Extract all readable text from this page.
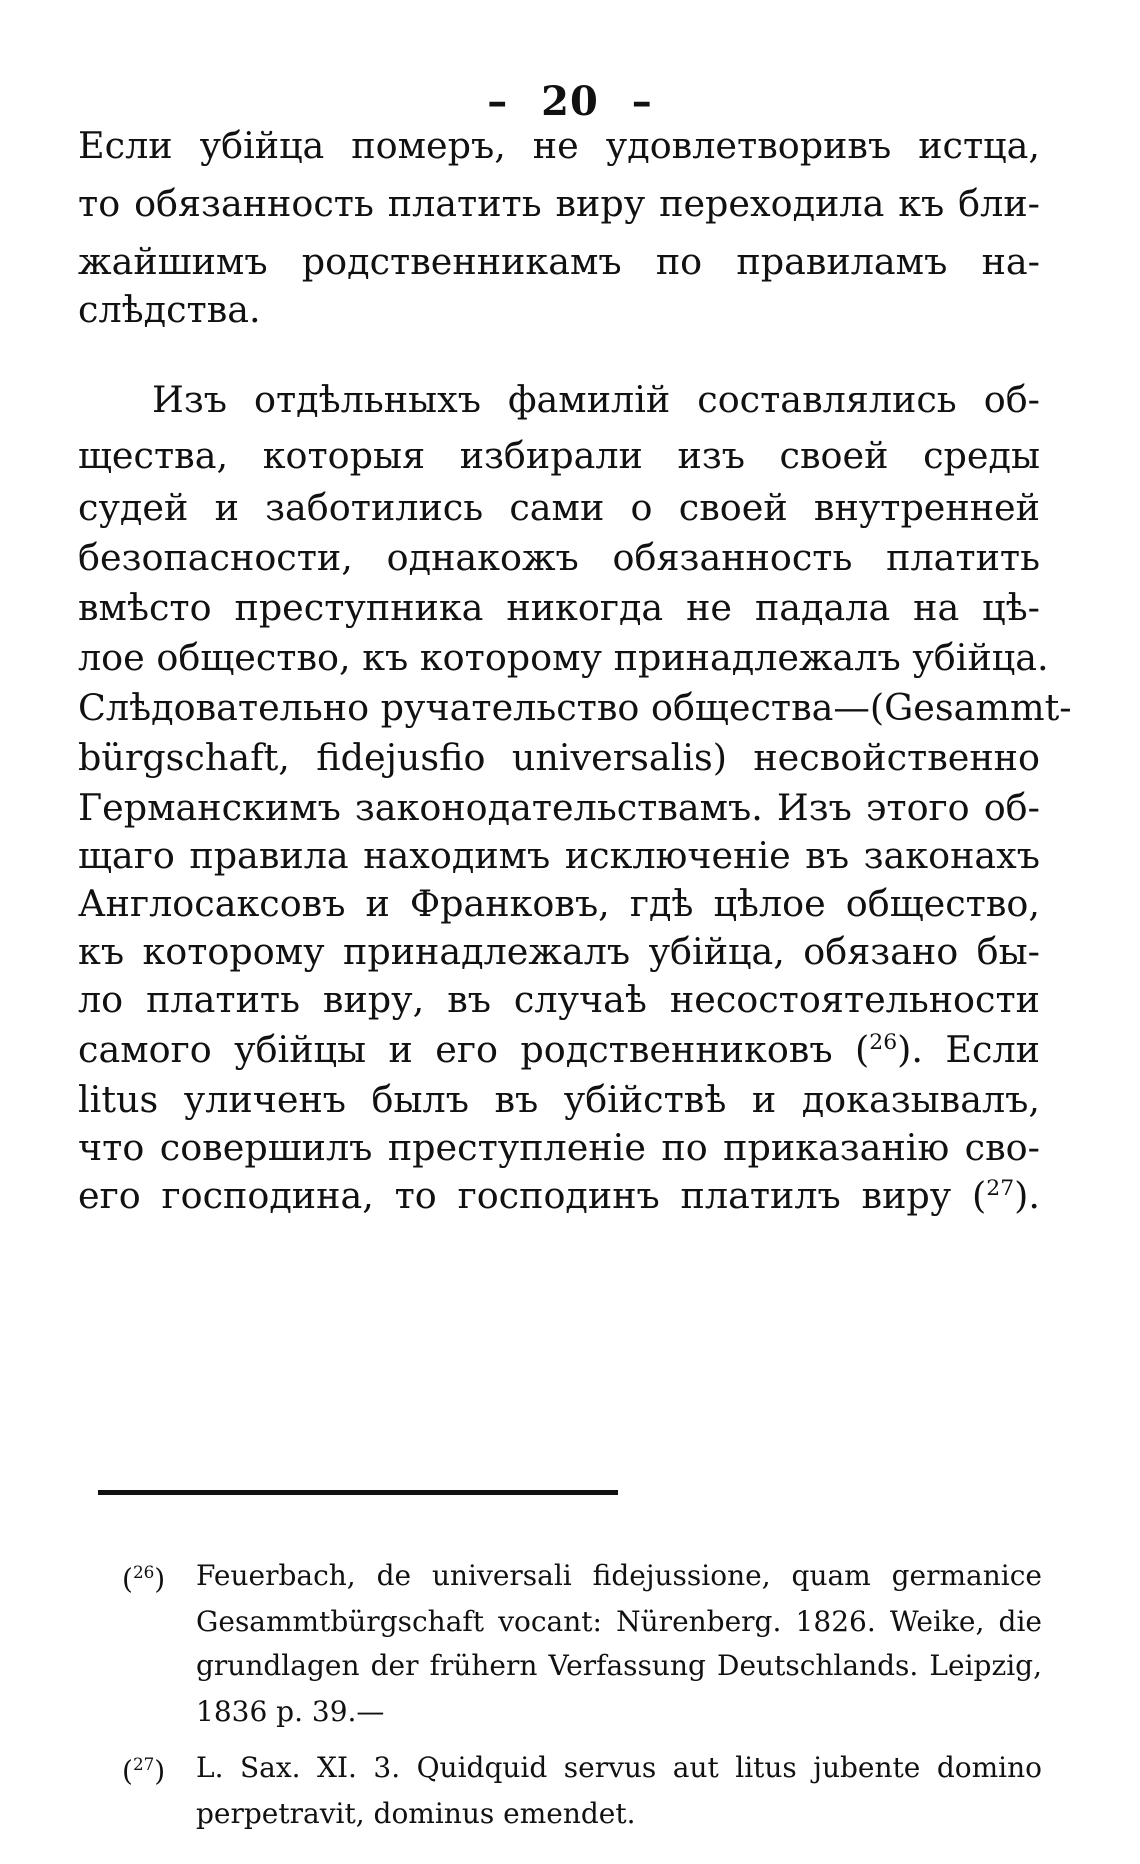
– 20 –
Если убійца померъ, не удовлетворивъ истца,
то обязанность платить виру переходила къ бли-
жайшимъ родственникамъ по правиламъ на-
слѣдства.
Изъ отдѣльныхъ фамилій составлялись об-
щества, которыя избирали изъ своей среды
судей и заботились сами о своей внутренней
безопасности, однакожъ обязанность платить
вмѣсто преступника никогда не падала на цѣ-
лое общество, къ которому принадлежалъ убійца.
Слѣдовательно ручательство общества—(Gesammt-
bürgschaft, fidejusfio universalis) несвойственно
Германскимъ законодательствамъ. Изъ этого об-
щаго правила находимъ исключеніе въ законахъ
Англосаксовъ и Франковъ, гдѣ цѣлое общество,
къ которому принадлежалъ убійца, обязано бы-
ло платить виру, въ случаѣ несостоятельности
самого убійцы и его родственниковъ ($^{26}$). Если
litus уличенъ былъ въ убійствѣ и доказывалъ,
что совершилъ преступленіе по приказанію сво-
его господина, то господинъ платилъ виру ($^{27}$).
($^{26}$) Feuerbach, de universali fidejussione, quam germanice
Gesammtbürgschaft vocant: Nürenberg. 1826. Weike, die
grundlagen der frühern Verfassung Deutschlands. Leipzig,
1836 p. 39.—
($^{27}$) L. Sax. XI. 3. Quidquid servus aut litus jubente domino
perpetravit, dominus emendet.
